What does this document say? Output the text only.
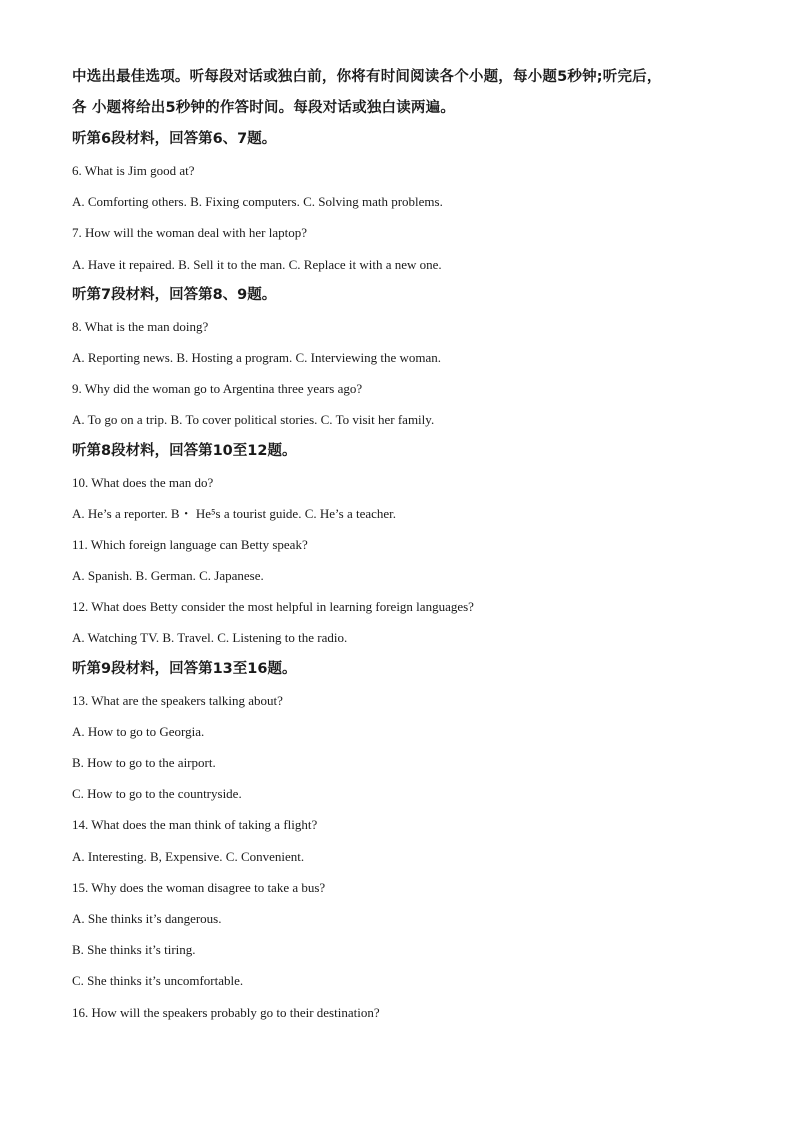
中选出最佳选项。听每段对话或独白前，你将有时间阅读各个小题，每小题5秒钟;听完后，

各 小题将给出5秒钟的作答时间。每段对话或独白读两遍。

听第6段材料，回答第6、7题。

6. What is Jim good at?

A. Comforting others. B. Fixing computers. C. Solving math problems.

7. How will the woman deal with her laptop?

A. Have it repaired. B. Sell it to the man. C. Replace it with a new one.

听第7段材料，回答第8、9题。

8. What is the man doing?

A. Reporting news. B. Hosting a program. C. Interviewing the woman.

9. Why did the woman go to Argentina three years ago?

A. To go on a trip. B. To cover political stories. C. To visit her family.

听第8段材料，回答第10至12题。

10. What does the man do?

A. He’s a reporter. B・ He⁵s a tourist guide. C. He’s a teacher.

11. Which foreign language can Betty speak?

A. Spanish. B. German. C. Japanese.

12. What does Betty consider the most helpful in learning foreign languages?

A. Watching TV. B. Travel. C. Listening to the radio.

听第9段材料，回答第13至16题。

13. What are the speakers talking about?

A. How to go to Georgia.

B. How to go to the airport.

C. How to go to the countryside.

14. What does the man think of taking a flight?

A. Interesting. B, Expensive. C. Convenient.

15. Why does the woman disagree to take a bus?

A. She thinks it’s dangerous.

B. She thinks it’s tiring.

C. She thinks it’s uncomfortable.

16. How will the speakers probably go to their destination?
